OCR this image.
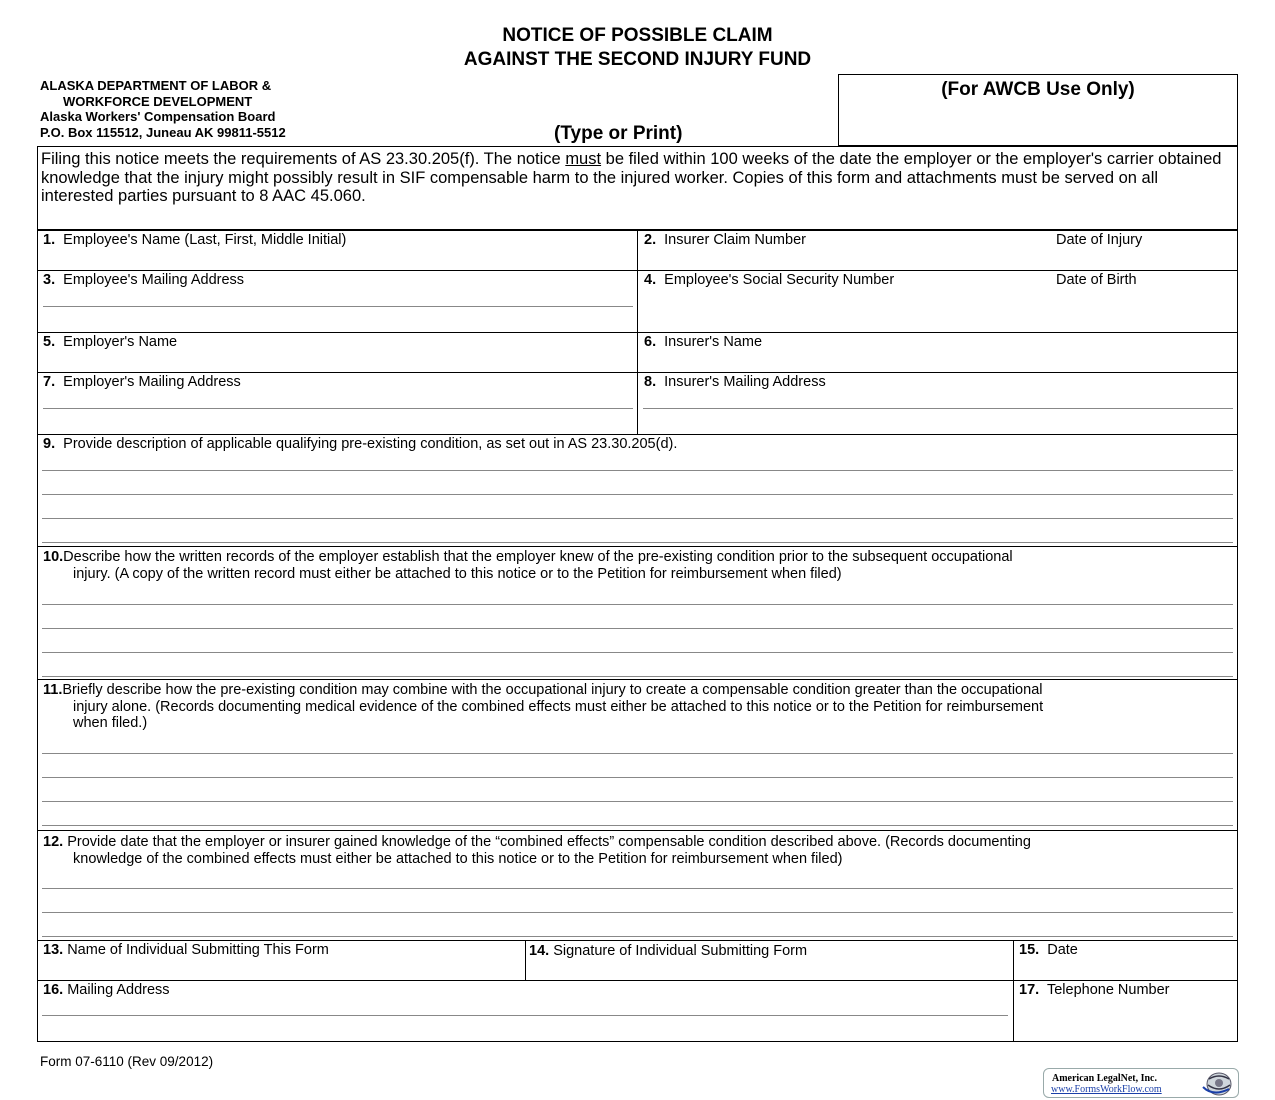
NOTICE OF POSSIBLE CLAIM
AGAINST THE SECOND INJURY FUND
ALASKA DEPARTMENT OF LABOR &
WORKFORCE DEVELOPMENT
Alaska Workers' Compensation Board
P.O. Box 115512, Juneau AK 99811-5512
(For AWCB Use Only)
(Type or Print)
Filing this notice meets the requirements of AS 23.30.205(f). The notice must be filed within 100 weeks of the date the employer or the employer's carrier obtained knowledge that the injury might possibly result in SIF compensable harm to the injured worker. Copies of this form and attachments must be served on all interested parties pursuant to 8 AAC 45.060.
1. Employee's Name (Last, First, Middle Initial)	2. Insurer Claim Number	Date of Injury
3. Employee's Mailing Address	4. Employee's Social Security Number	Date of Birth
5. Employer's Name	6. Insurer's Name
7. Employer's Mailing Address	8. Insurer's Mailing Address
9. Provide description of applicable qualifying pre-existing condition, as set out in AS 23.30.205(d).
10.Describe how the written records of the employer establish that the employer knew of the pre-existing condition prior to the subsequent occupational
injury. (A copy of the written record must either be attached to this notice or to the Petition for reimbursement when filed)
11.Briefly describe how the pre-existing condition may combine with the occupational injury to create a compensable condition greater than the occupational
injury alone. (Records documenting medical evidence of the combined effects must either be attached to this notice or to the Petition for reimbursement
when filed.)
12. Provide date that the employer or insurer gained knowledge of the “combined effects” compensable condition described above. (Records documenting
knowledge of the combined effects must either be attached to this notice or to the Petition for reimbursement when filed)
13. Name of Individual Submitting This Form	14. Signature of Individual Submitting Form	15. Date
16. Mailing Address	17. Telephone Number
Form 07-6110 (Rev 09/2012)
American LegalNet, Inc.
www.FormsWorkFlow.com
